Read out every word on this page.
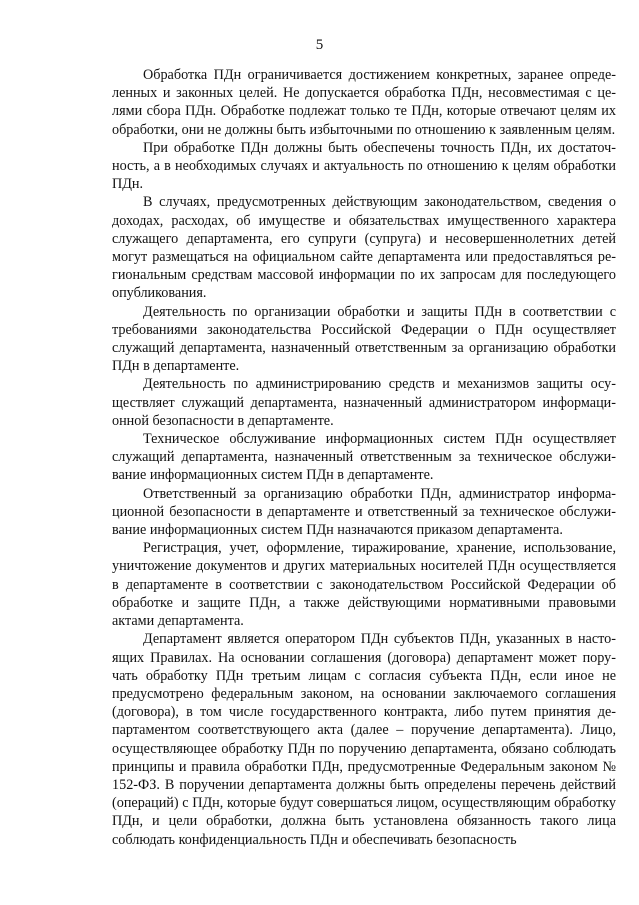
5

Обработка ПДн ограничивается достижением конкретных, заранее определенных и законных целей. Не допускается обработка ПДн, несовместимая с целями сбора ПДн. Обработке подлежат только те ПДн, которые отвечают целям их обработки, они не должны быть избыточными по отношению к заявленным целям.

При обработке ПДн должны быть обеспечены точность ПДн, их достаточность, а в необходимых случаях и актуальность по отношению к целям обработки ПДн.

В случаях, предусмотренных действующим законодательством, сведения о доходах, расходах, об имуществе и обязательствах имущественного характера служащего департамента, его супруги (супруга) и несовершеннолетних детей могут размещаться на официальном сайте департамента или предоставляться региональным средствам массовой информации по их запросам для последующего опубликования.

Деятельность по организации обработки и защиты ПДн в соответствии с требованиями законодательства Российской Федерации о ПДн осуществляет служащий департамента, назначенный ответственным за организацию обработки ПДн в департаменте.

Деятельность по администрированию средств и механизмов защиты осуществляет служащий департамента, назначенный администратором информационной безопасности в департаменте.

Техническое обслуживание информационных систем ПДн осуществляет служащий департамента, назначенный ответственным за техническое обслуживание информационных систем ПДн в департаменте.

Ответственный за организацию обработки ПДн, администратор информационной безопасности в департаменте и ответственный за техническое обслуживание информационных систем ПДн назначаются приказом департамента.

Регистрация, учет, оформление, тиражирование, хранение, использование, уничтожение документов и других материальных носителей ПДн осуществляется в департаменте в соответствии с законодательством Российской Федерации об обработке и защите ПДн, а также действующими нормативными правовыми актами департамента.

Департамент является оператором ПДн субъектов ПДн, указанных в настоящих Правилах. На основании соглашения (договора) департамент может поручать обработку ПДн третьим лицам с согласия субъекта ПДн, если иное не предусмотрено федеральным законом, на основании заключаемого соглашения (договора), в том числе государственного контракта, либо путем принятия департаментом соответствующего акта (далее – поручение департамента). Лицо, осуществляющее обработку ПДн по поручению департамента, обязано соблюдать принципы и правила обработки ПДн, предусмотренные Федеральным законом № 152-ФЗ. В поручении департамента должны быть определены перечень действий (операций) с ПДн, которые будут совершаться лицом, осуществляющим обработку ПДн, и цели обработки, должна быть установлена обязанность такого лица соблюдать конфиденциальность ПДн и обеспечивать безопасность
